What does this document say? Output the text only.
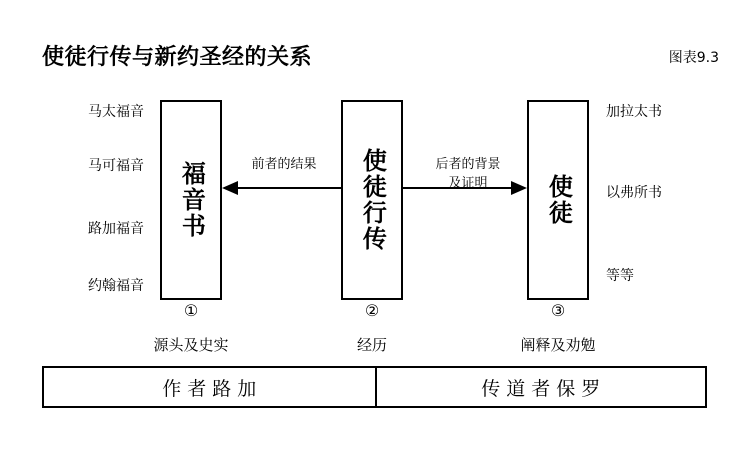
使徒行传与新约圣经的关系	图表9.3
马太福音
马可福音
路加福音
约翰福音
福音书	使徒行传	使徒
加拉太书
以弗所书
等等
前者的结果	后者的背景
及证明
①	②	③
源头及史实	经历	阐释及劝勉
作者路加	传道者保罗
